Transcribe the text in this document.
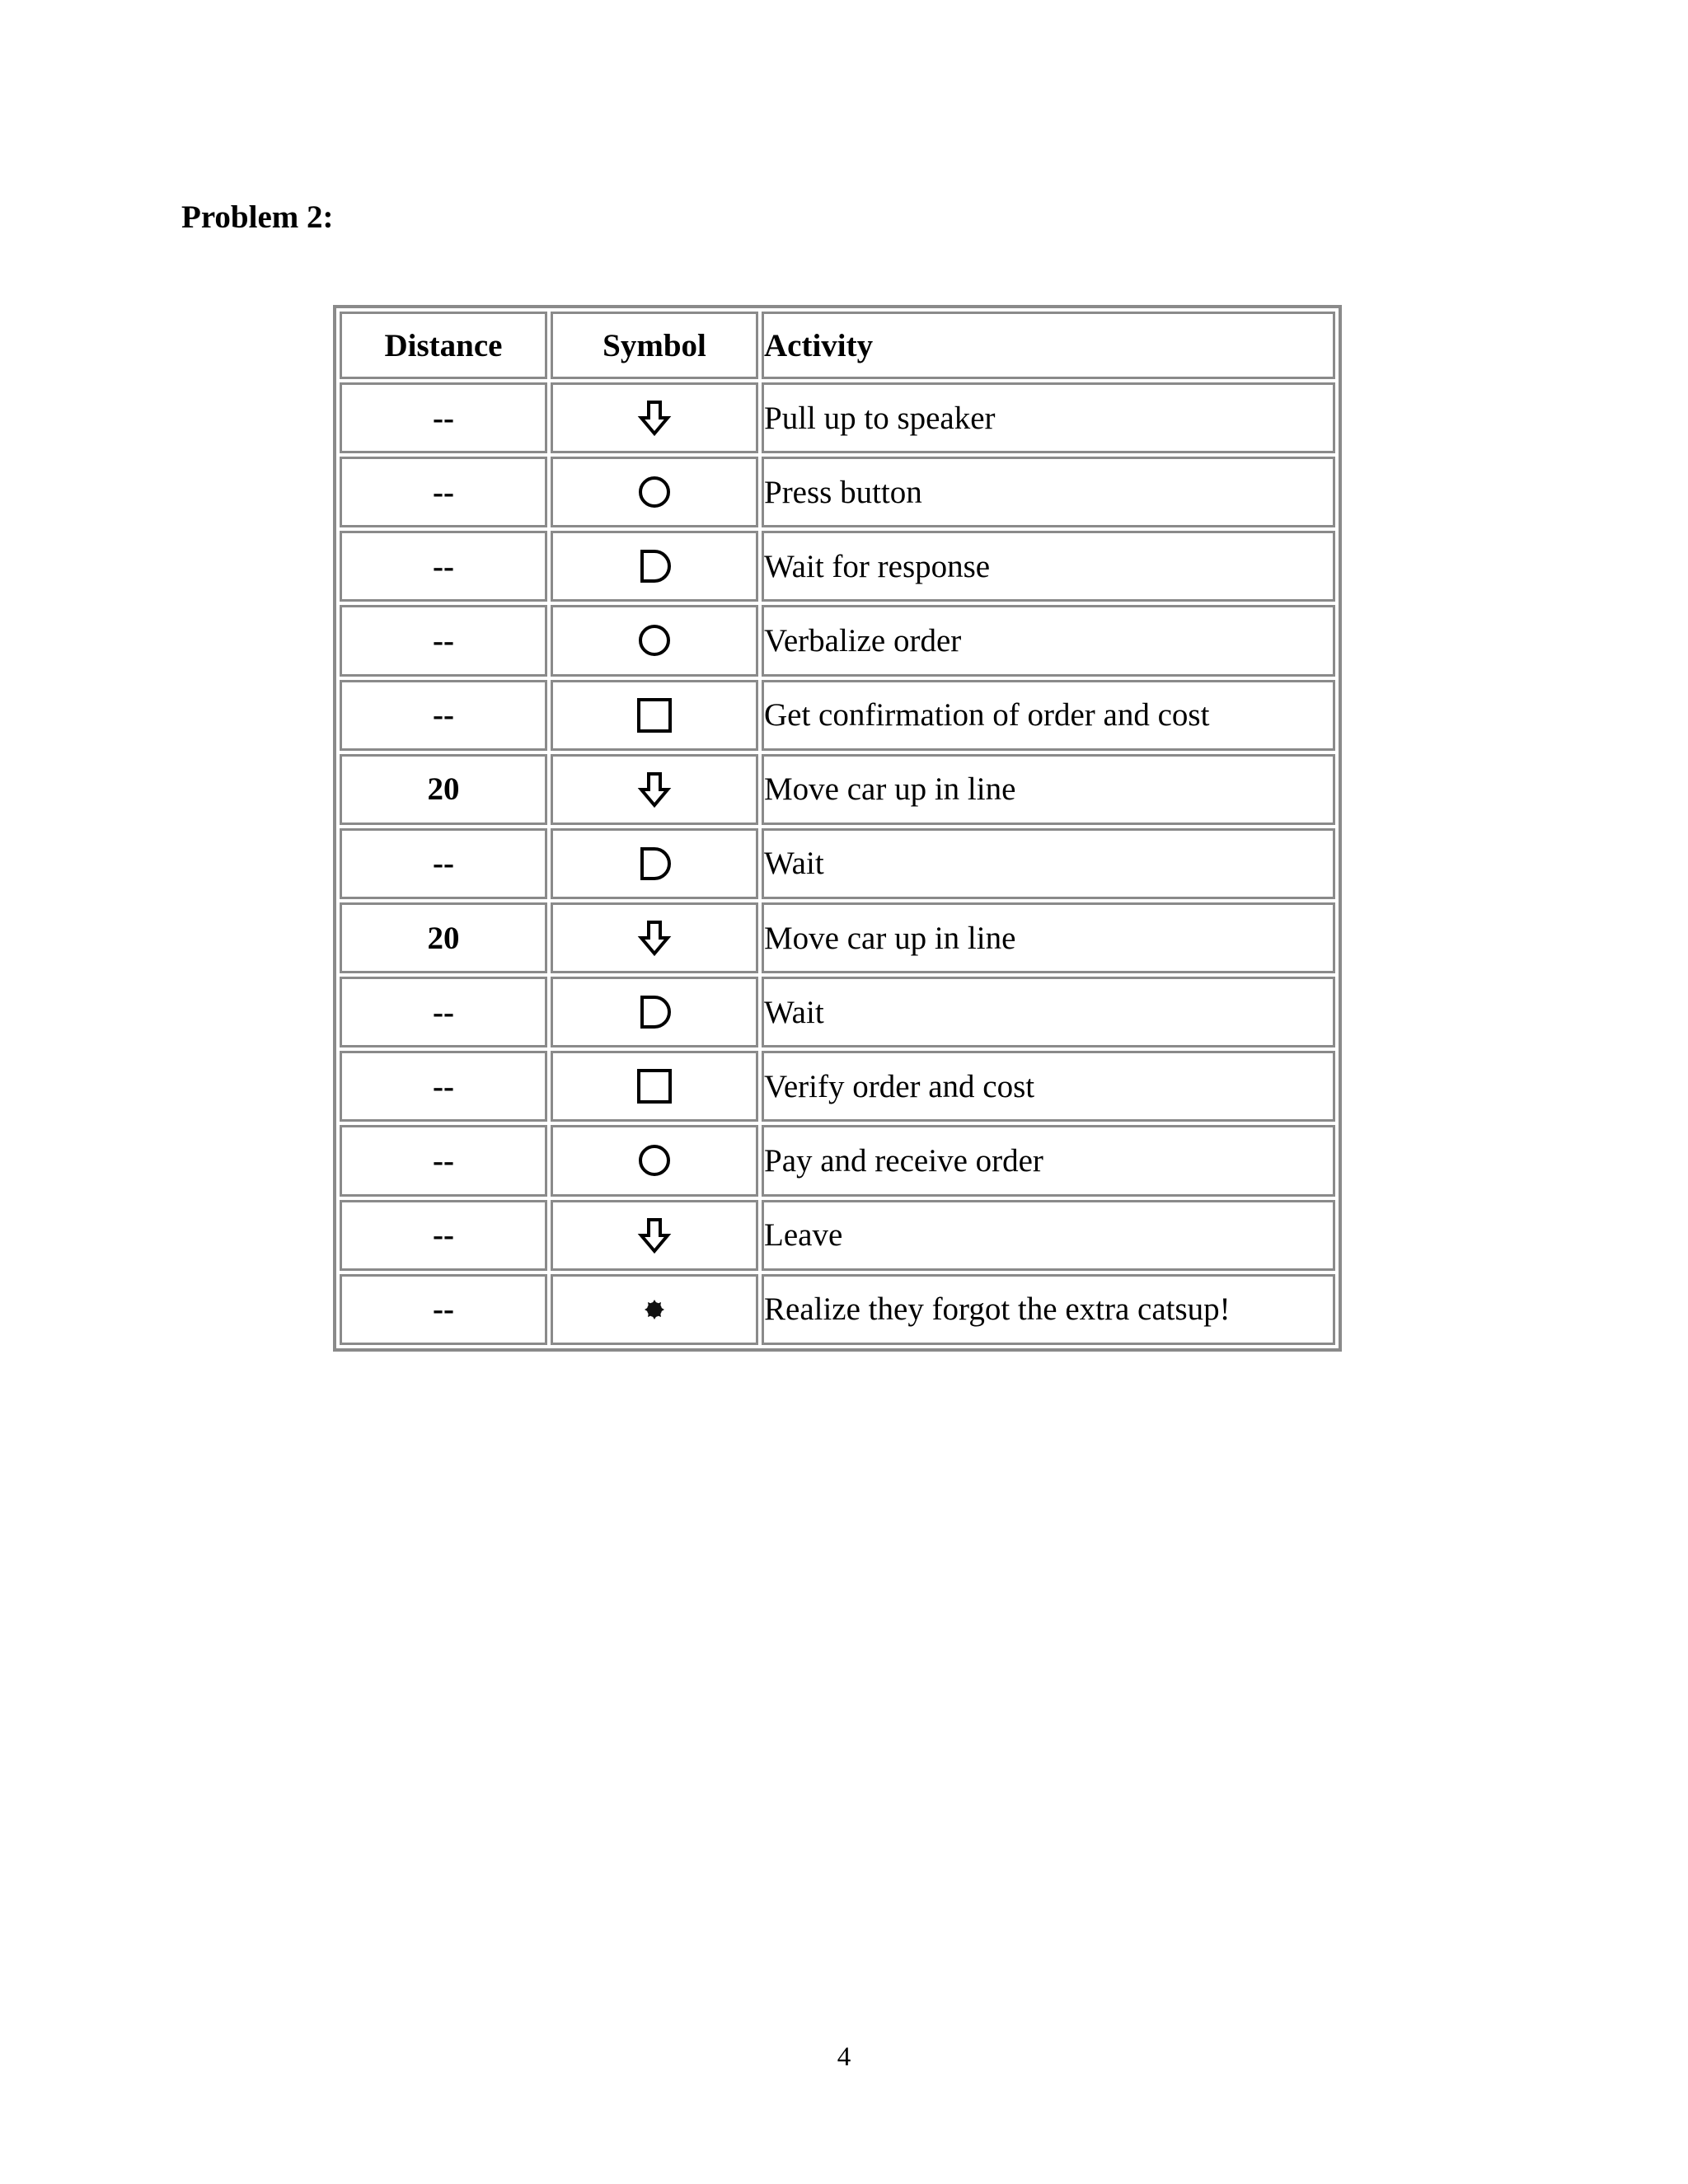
Problem 2:
Distance	Symbol	Activity
--		Pull up to speaker
--		Press button
--		Wait for response
--		Verbalize order
--		Get confirmation of order and cost
20		Move car up in line
--		Wait
20		Move car up in line
--		Wait
--		Verify order and cost
--		Pay and receive order
--		Leave
--		Realize they forgot the extra catsup!

4
